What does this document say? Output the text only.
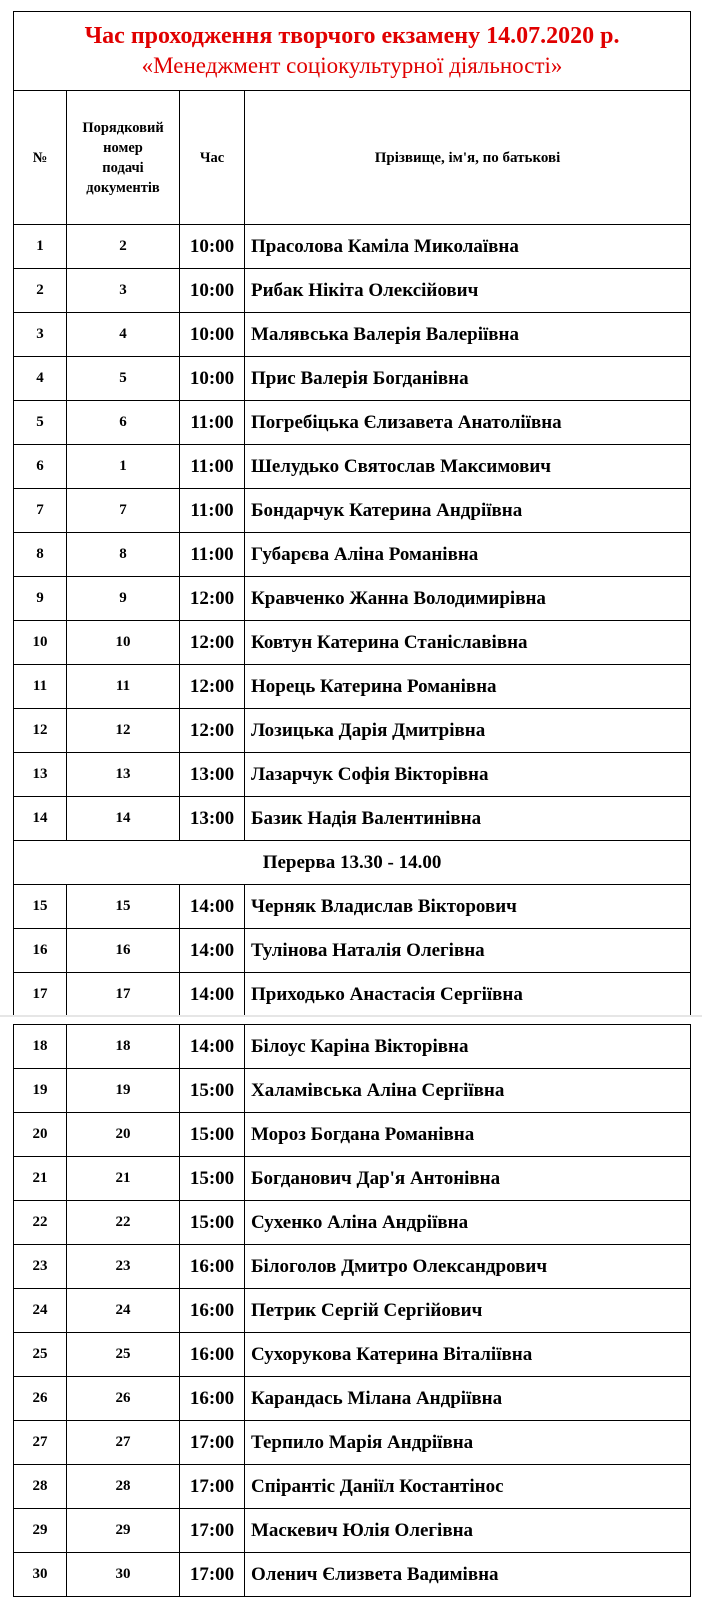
Час проходження творчого екзамену 14.07.2020 р.
«Менеджмент соціокультурної діяльності»			

№	Порядковий
номер
подачі
документів	Час	Прізвище, ім'я, по батькові
1	2	10:00	Прасолова Каміла Миколаївна
2	3	10:00	Рибак Нікіта Олексійович
3	4	10:00	Малявська Валерія Валеріївна
4	5	10:00	Прис Валерія Богданівна
5	6	11:00	Погребіцька Єлизавета Анатоліївна
6	1	11:00	Шелудько Святослав Максимович
7	7	11:00	Бондарчук Катерина Андріївна
8	8	11:00	Губарєва Аліна Романівна
9	9	12:00	Кравченко Жанна Володимирівна
10	10	12:00	Ковтун Катерина Станіславівна
11	11	12:00	Норець Катерина Романівна
12	12	12:00	Лозицька Дарія Дмитрівна
13	13	13:00	Лазарчук Софія Вікторівна
14	14	13:00	Базик Надія Валентинівна
Перерва 13.30 - 14.00			
15	15	14:00	Черняк Владислав Вікторович
16	16	14:00	Тулінова Наталія Олегівна
17	17	14:00	Приходько Анастасія Сергіївна
18	18	14:00	Білоус Каріна Вікторівна
19	19	15:00	Халамівська Аліна Сергіївна
20	20	15:00	Мороз Богдана Романівна
21	21	15:00	Богданович Дар'я Антонівна
22	22	15:00	Сухенко Аліна Андріївна
23	23	16:00	Білоголов Дмитро Олександрович
24	24	16:00	Петрик Сергій Сергійович
25	25	16:00	Сухорукова Катерина Віталіївна
26	26	16:00	Карандась Мілана Андріївна
27	27	17:00	Терпило Марія Андріївна
28	28	17:00	Спірантіс Даніїл Костантінос
29	29	17:00	Маскевич Юлія Олегівна
30	30	17:00	Оленич Єлизвета Вадимівна
